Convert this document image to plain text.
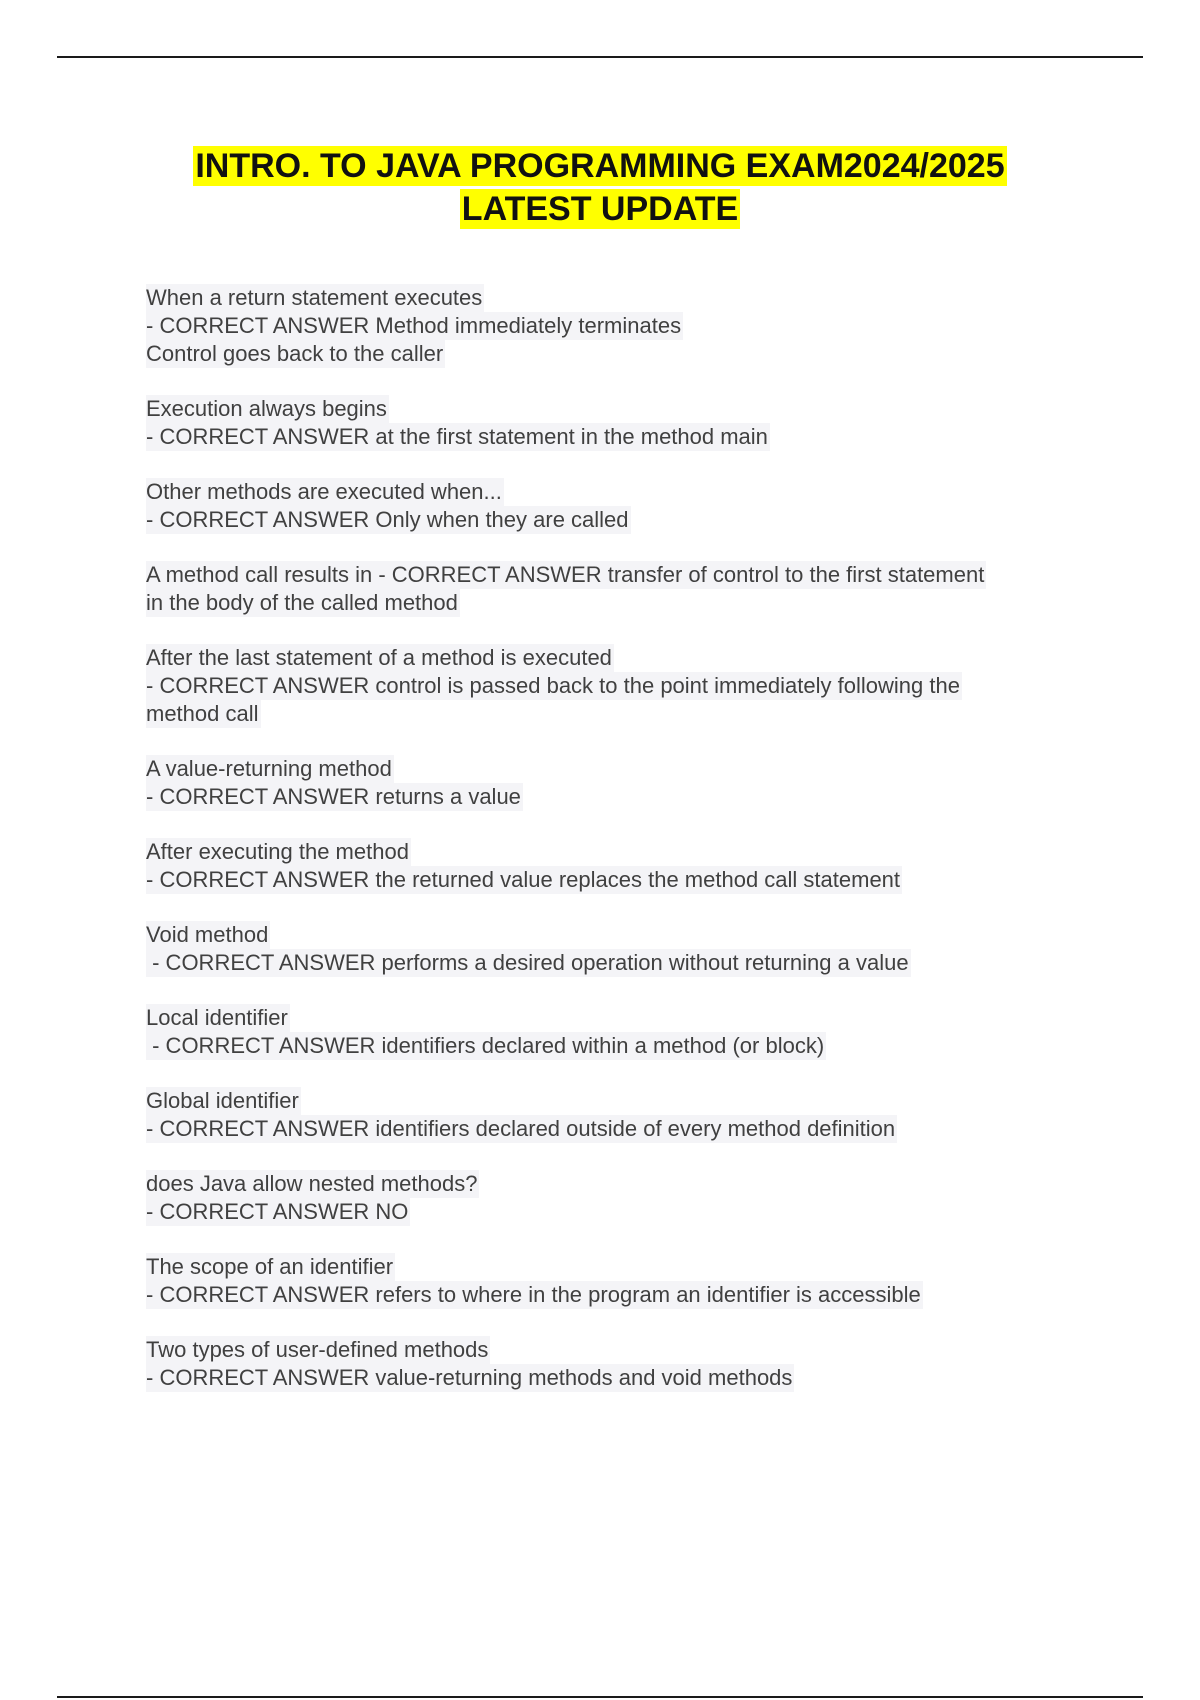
INTRO. TO JAVA PROGRAMMING EXAM2024/2025
LATEST UPDATE
When a return statement executes
- CORRECT ANSWER Method immediately terminates
Control goes back to the caller
Execution always begins
- CORRECT ANSWER at the first statement in the method main
Other methods are executed when...
- CORRECT ANSWER Only when they are called
A method call results in - CORRECT ANSWER transfer of control to the first statement
in the body of the called method
After the last statement of a method is executed
- CORRECT ANSWER control is passed back to the point immediately following the
method call
A value-returning method
- CORRECT ANSWER returns a value
After executing the method
- CORRECT ANSWER the returned value replaces the method call statement
Void method
- CORRECT ANSWER performs a desired operation without returning a value
Local identifier
- CORRECT ANSWER identifiers declared within a method (or block)
Global identifier
- CORRECT ANSWER identifiers declared outside of every method definition
does Java allow nested methods?
- CORRECT ANSWER NO
The scope of an identifier
- CORRECT ANSWER refers to where in the program an identifier is accessible
Two types of user-defined methods
- CORRECT ANSWER value-returning methods and void methods
